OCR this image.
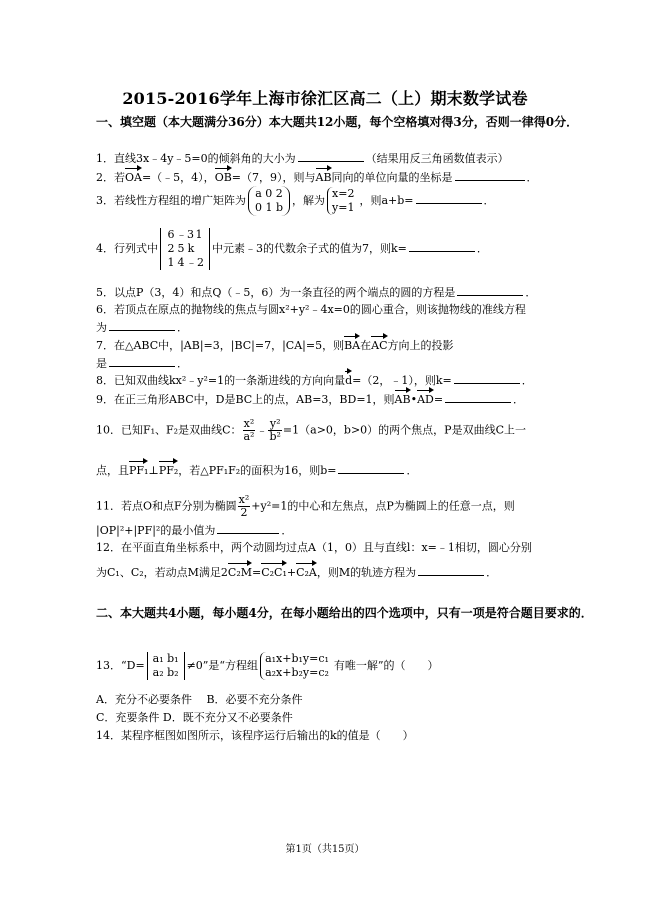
2015-2016学年上海市徐汇区高二（上）期末数学试卷
一、填空题（本大题满分36分）本大题共12小题，每个空格填对得3分，否则一律得0分．
1．直线3x﹣4y﹣5=0的倾斜角的大小为	（结果用反三角函数值表示）
2．若OA=（﹣5，4），OB=（7，9），则与AB同向的单位向量的坐标是	．
3．若线性方程组的增广矩阵为
a 0 2
0 1 b
，解为
x=2
y=1
，则a+b=	．
4．行列式中
6 ﹣3 1
2 5 k
1 4 ﹣2
中元素﹣3的代数余子式的值为7，则k=	．
5．以点P（3，4）和点Q（﹣5，6）为一条直径的两个端点的圆的方程是	．
6．若顶点在原点的抛物线的焦点与圆x²+y²﹣4x=0的圆心重合，则该抛物线的准线方程
为	．
7．在△ABC中，|AB|=3，|BC|=7，|CA|=5，则BA在AC方向上的投影
是	．
8．已知双曲线kx²﹣y²=1的一条渐进线的方向向量d=（2，﹣1），则k=	．
9．在正三角形ABC中，D是BC上的点，AB=3，BD=1，则AB•AD=	．
10．已知F₁、F₂是双曲线C： $\frac{\text{x²}}{\text{a²}}$ ﹣ $\frac{\text{y²}}{\text{b²}} =1(a>0$，b>0）的两个焦点，P是双曲线C上一
点，且PF₁⊥PF₂，若△PF₁F₂的面积为16，则b=	．
11．若点O和点F分别为椭圆 $\frac{\text{x²}}{2} +y^2=1$的中心和左焦点，点P为椭圆上的任意一点，则
|OP|²+|PF|²的最小值为	．
12．在平面直角坐标系中，两个动圆均过点A（1，0）且与直线l：x=﹣1相切，圆心分别
为C₁、C₂，若动点M满足2C₂M=C₂C₁+C₂A，则M的轨迹方程为	．
二、本大题共4小题，每小题4分，在每小题给出的四个选项中，只有一项是符合题目要求的．
13．“D=
a₁ b₁
a₂ b₂
≠0”是“方程组
a₁x+b₁y=c₁
a₂x+b₂y=c₂
有唯一解”的（　　）
A．充分不必要条件　 B．必要不充分条件
C．充要条件 D．既不充分又不必要条件
14．某程序框图如图所示，该程序运行后输出的k的值是（　　）
第1页（共15页）
